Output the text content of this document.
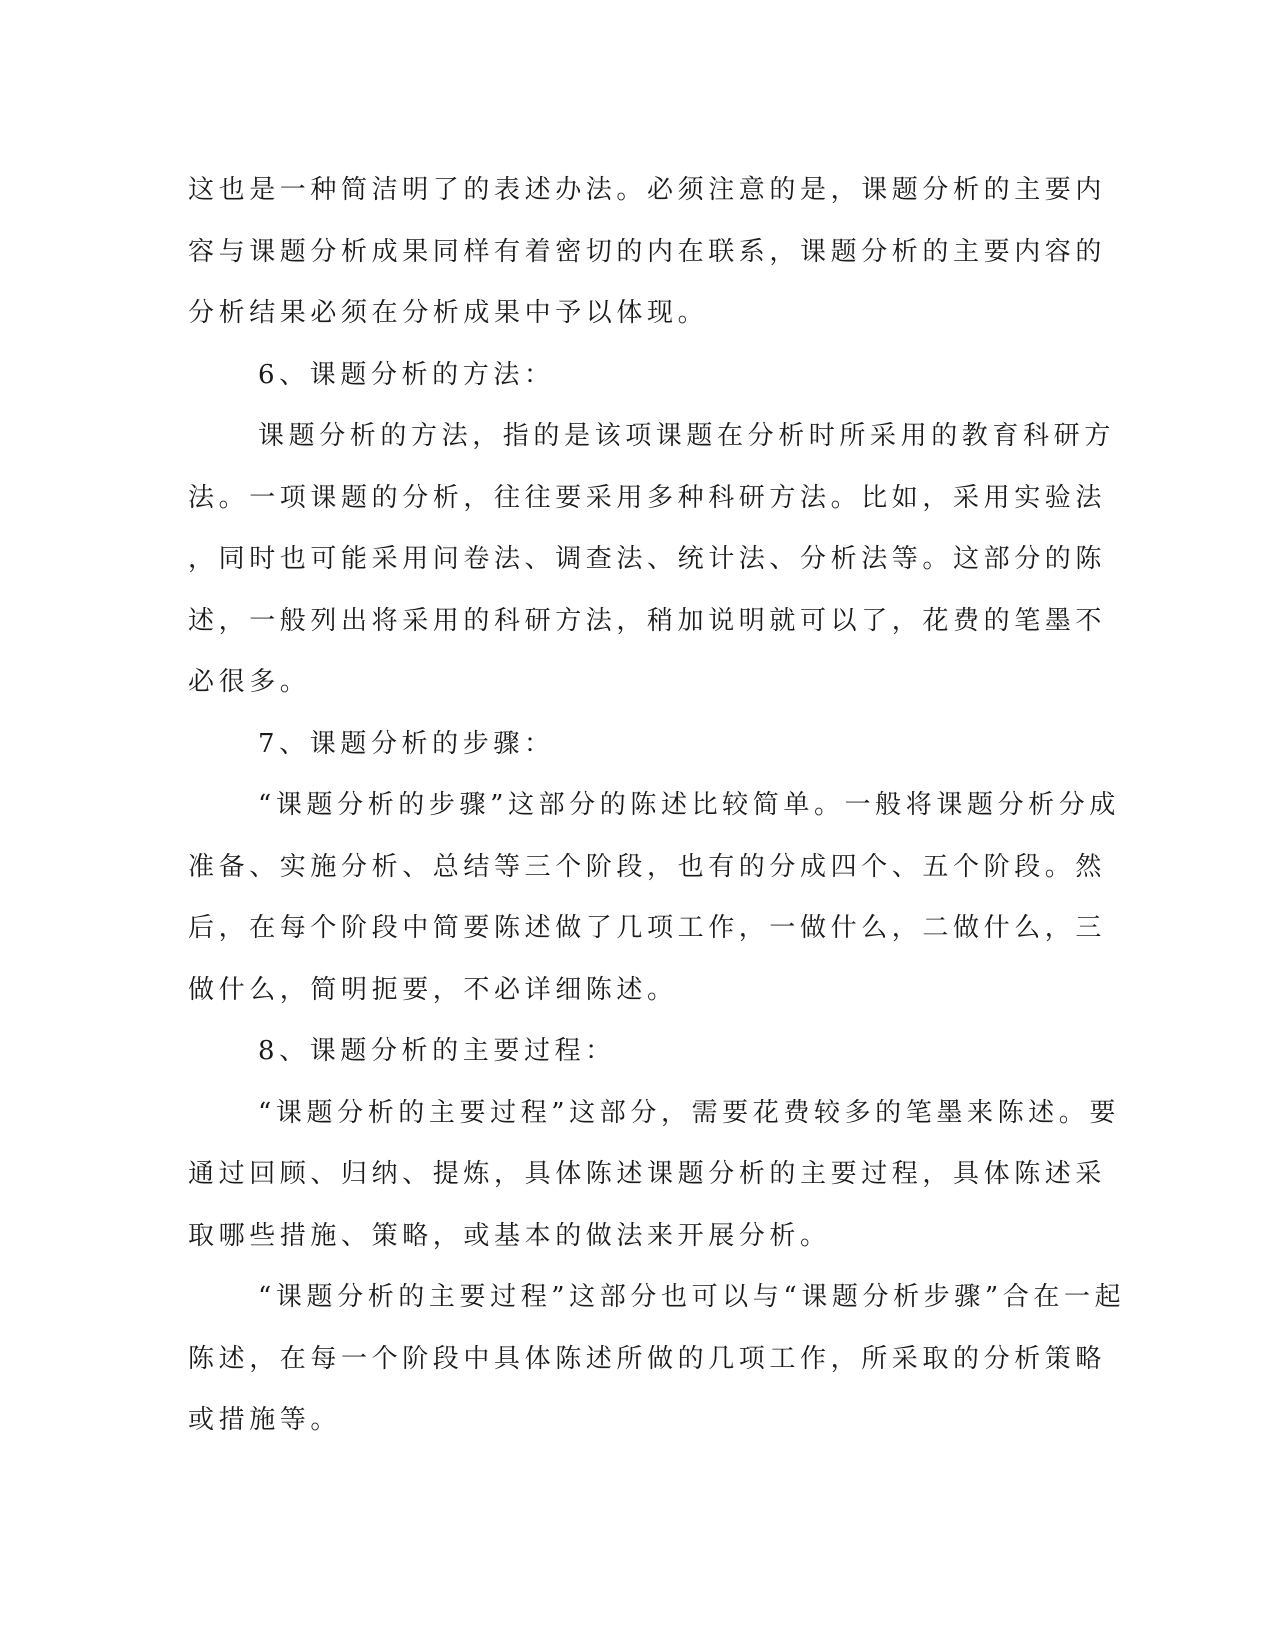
这也是一种简洁明了的表述办法。必须注意的是，课题分析的主要内
容与课题分析成果同样有着密切的内在联系，课题分析的主要内容的
分析结果必须在分析成果中予以体现。
6、课题分析的方法：
课题分析的方法，指的是该项课题在分析时所采用的教育科研方
法。一项课题的分析，往往要采用多种科研方法。比如，采用实验法
，同时也可能采用问卷法、调查法、统计法、分析法等。这部分的陈
述，一般列出将采用的科研方法，稍加说明就可以了，花费的笔墨不
必很多。
7、课题分析的步骤：
“课题分析的步骤”这部分的陈述比较简单。一般将课题分析分成
准备、实施分析、总结等三个阶段，也有的分成四个、五个阶段。然
后，在每个阶段中简要陈述做了几项工作，一做什么，二做什么，三
做什么，简明扼要，不必详细陈述。
8、课题分析的主要过程：
“课题分析的主要过程”这部分，需要花费较多的笔墨来陈述。要
通过回顾、归纳、提炼，具体陈述课题分析的主要过程，具体陈述采
取哪些措施、策略，或基本的做法来开展分析。
“课题分析的主要过程”这部分也可以与“课题分析步骤”合在一起
陈述，在每一个阶段中具体陈述所做的几项工作，所采取的分析策略
或措施等。
